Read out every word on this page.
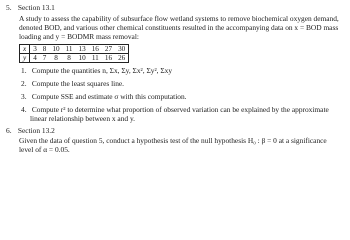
5. Section 13.1
A study to assess the capability of subsurface flow wetland systems to remove biochemical oxygen demand,
denoted BOD, and various other chemical constituents resulted in the accompanying data on x = BOD mass
loading and y = BODMR mass removal:
x	3	8	10	11	13	16	27	30
y	4	7	8	8	10	11	16	26
1. Compute the quantities n, Σx, Σy, Σx², Σy², Σxy
2. Compute the least squares line.
3. Compute SSE and estimate σ with this computation.
4. Compute r² to determine what proportion of observed variation can be explained by the approximate
linear relationship between x and y.
6. Section 13.2
Given the data of question 5, conduct a hypothesis test of the null hypothesis H₀ : β = 0 at a significance
level of α = 0.05.
